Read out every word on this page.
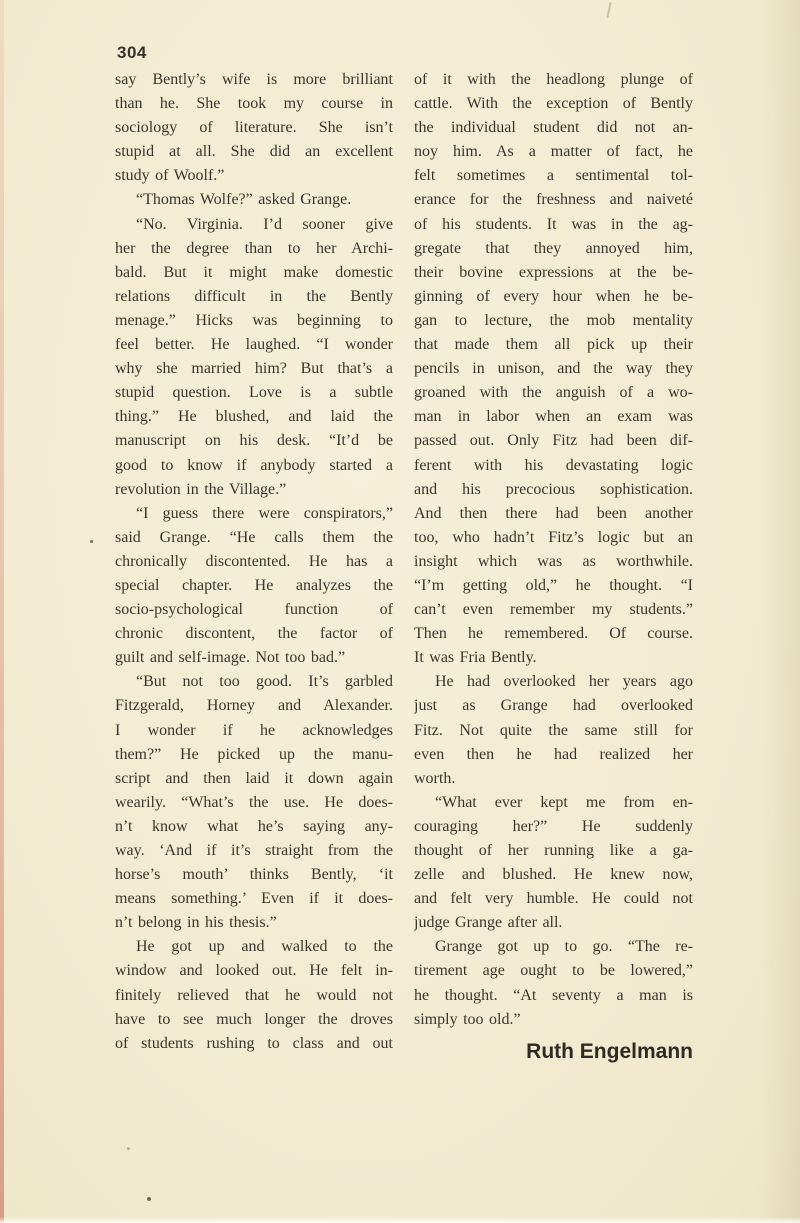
304
say Bently’s wife is more brilliant
than he. She took my course in
sociology of literature. She isn’t
stupid at all. She did an excellent
study of Woolf.”
“Thomas Wolfe?” asked Grange.
“No. Virginia. I’d sooner give
her the degree than to her Archi-
bald. But it might make domestic
relations difficult in the Bently
menage.” Hicks was beginning to
feel better. He laughed. “I wonder
why she married him? But that’s a
stupid question. Love is a subtle
thing.” He blushed, and laid the
manuscript on his desk. “It’d be
good to know if anybody started a
revolution in the Village.”
“I guess there were conspirators,”
said Grange. “He calls them the
chronically discontented. He has a
special chapter. He analyzes the
socio-psychological function of
chronic discontent, the factor of
guilt and self-image. Not too bad.”
“But not too good. It’s garbled
Fitzgerald, Horney and Alexander.
I wonder if he acknowledges
them?” He picked up the manu-
script and then laid it down again
wearily. “What’s the use. He does-
n’t know what he’s saying any-
way. ‘And if it’s straight from the
horse’s mouth’ thinks Bently, ‘it
means something.’ Even if it does-
n’t belong in his thesis.”
He got up and walked to the
window and looked out. He felt in-
finitely relieved that he would not
have to see much longer the droves
of students rushing to class and out
of it with the headlong plunge of
cattle. With the exception of Bently
the individual student did not an-
noy him. As a matter of fact, he
felt sometimes a sentimental tol-
erance for the freshness and naiveté
of his students. It was in the ag-
gregate that they annoyed him,
their bovine expressions at the be-
ginning of every hour when he be-
gan to lecture, the mob mentality
that made them all pick up their
pencils in unison, and the way they
groaned with the anguish of a wo-
man in labor when an exam was
passed out. Only Fitz had been dif-
ferent with his devastating logic
and his precocious sophistication.
And then there had been another
too, who hadn’t Fitz’s logic but an
insight which was as worthwhile.
“I’m getting old,” he thought. “I
can’t even remember my students.”
Then he remembered. Of course.
It was Fria Bently.
He had overlooked her years ago
just as Grange had overlooked
Fitz. Not quite the same still for
even then he had realized her
worth.
“What ever kept me from en-
couraging her?” He suddenly
thought of her running like a ga-
zelle and blushed. He knew now,
and felt very humble. He could not
judge Grange after all.
Grange got up to go. “The re-
tirement age ought to be lowered,”
he thought. “At seventy a man is
simply too old.”
Ruth Engelmann
